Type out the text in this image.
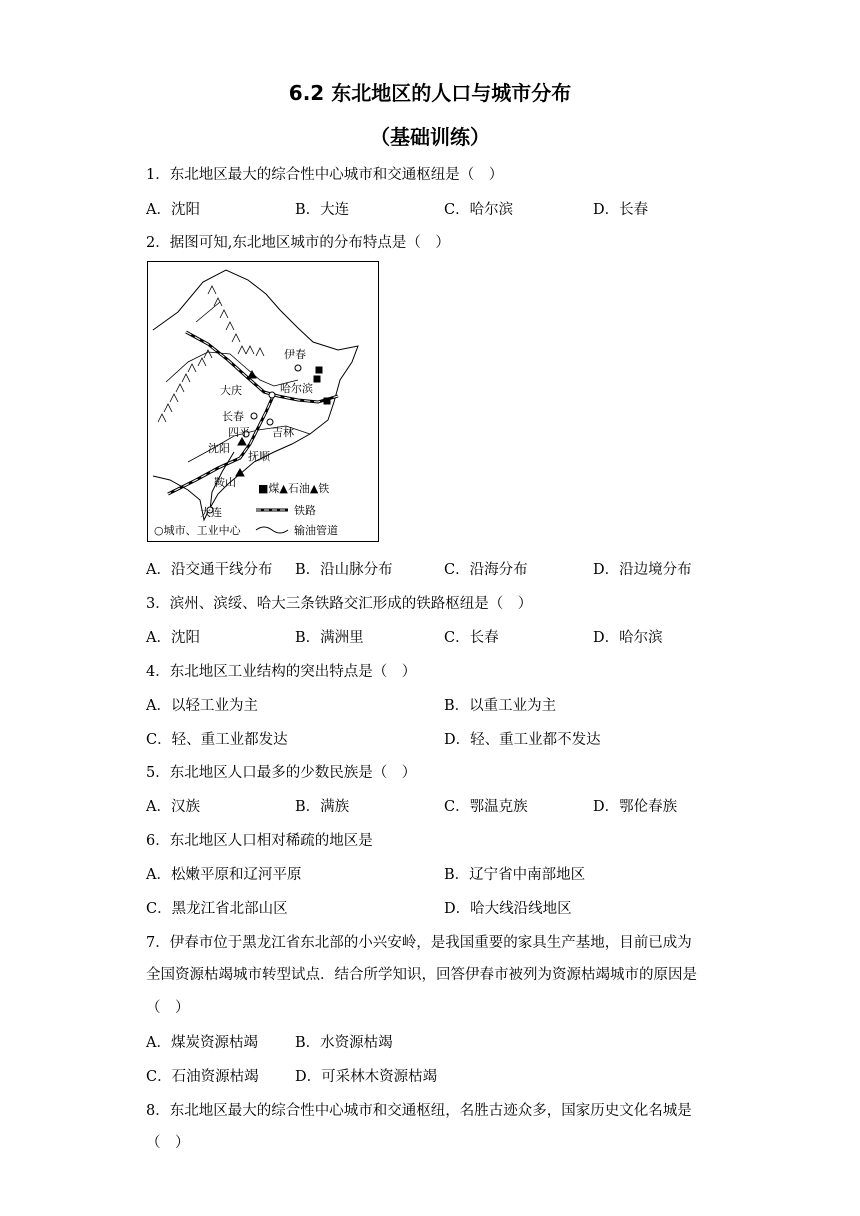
6.2 东北地区的人口与城市分布
（基础训练）
1．东北地区最大的综合性中心城市和交通枢纽是（　）
A．沈阳	B．大连	C．哈尔滨	D．长春
2．据图可知,东北地区城市的分布特点是（　）
伊春
大庆	哈尔滨
长春
吉林
四平
沈阳
抚顺
鞍山
大连
■煤▲石油▲铁
铁路
○城市、工业中心	输油管道
A．沿交通干线分布 B．沿山脉分布	C．沿海分布	D．沿边境分布
3．滨州、滨绥、哈大三条铁路交汇形成的铁路枢纽是（　）
A．沈阳	B．满洲里	C．长春	D．哈尔滨
4．东北地区工业结构的突出特点是（　）
A．以轻工业为主	B．以重工业为主
C．轻、重工业都发达	D．轻、重工业都不发达
5．东北地区人口最多的少数民族是（　）
A．汉族	B．满族	C．鄂温克族	D．鄂伦春族
6．东北地区人口相对稀疏的地区是
A．松嫩平原和辽河平原	B．辽宁省中南部地区
C．黑龙江省北部山区	D．哈大线沿线地区
7．伊春市位于黑龙江省东北部的小兴安岭，是我国重要的家具生产基地，目前已成为
全国资源枯竭城市转型试点．结合所学知识，回答伊春市被列为资源枯竭城市的原因是
（　）
A．煤炭资源枯竭	B．水资源枯竭
C．石油资源枯竭	D．可采林木资源枯竭
8．东北地区最大的综合性中心城市和交通枢纽，名胜古迹众多，国家历史文化名城是
（　）
